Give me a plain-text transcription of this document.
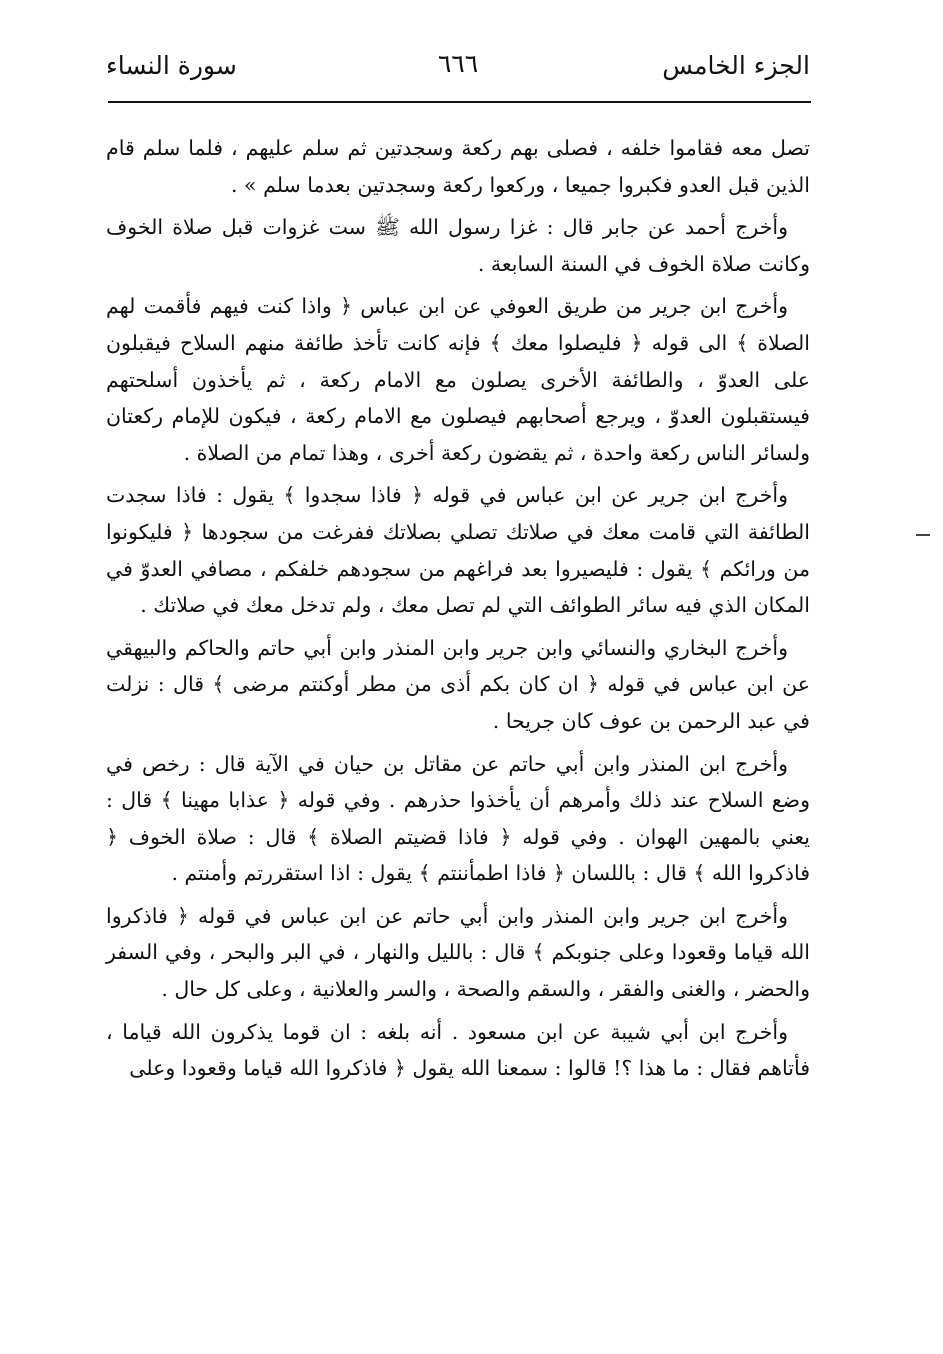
الجزء الخامس
٦٦٦
سورة النساء

تصل معه فقاموا خلفه ، فصلى بهم ركعة وسجدتين ثم سلم عليهم ، فلما سلم قام الذين قبل العدو فكبروا جميعا ، وركعوا ركعة وسجدتين بعدما سلم » .

وأخرج أحمد عن جابر قال : غزا رسول الله ﷺ ست غزوات قبل صلاة الخوف وكانت صلاة الخوف في السنة السابعة .

وأخرج ابن جرير من طريق العوفي عن ابن عباس ﴿ واذا كنت فيهم فأقمت لهم الصلاة ﴾ الى قوله ﴿ فليصلوا معك ﴾ فإنه كانت تأخذ طائفة منهم السلاح فيقبلون على العدوّ ، والطائفة الأخرى يصلون مع الامام ركعة ، ثم يأخذون أسلحتهم فيستقبلون العدوّ ، ويرجع أصحابهم فيصلون مع الامام ركعة ، فيكون للإمام ركعتان ولسائر الناس ركعة واحدة ، ثم يقضون ركعة أخرى ، وهذا تمام من الصلاة .

وأخرج ابن جرير عن ابن عباس في قوله ﴿ فاذا سجدوا ﴾ يقول : فاذا سجدت الطائفة التي قامت معك في صلاتك تصلي بصلاتك ففرغت من سجودها ﴿ فليكونوا من ورائكم ﴾ يقول : فليصيروا بعد فراغهم من سجودهم خلفكم ، مصافي العدوّ في المكان الذي فيه سائر الطوائف التي لم تصل معك ، ولم تدخل معك في صلاتك .

وأخرج البخاري والنسائي وابن جرير وابن المنذر وابن أبي حاتم والحاكم والبيهقي عن ابن عباس في قوله ﴿ ان كان بكم أذى من مطر أوكنتم مرضى ﴾ قال : نزلت في عبد الرحمن بن عوف كان جريحا .

وأخرج ابن المنذر وابن أبي حاتم عن مقاتل بن حيان في الآية قال : رخص في وضع السلاح عند ذلك وأمرهم أن يأخذوا حذرهم . وفي قوله ﴿ عذابا مهينا ﴾ قال : يعني بالمهين الهوان . وفي قوله ﴿ فاذا قضيتم الصلاة ﴾ قال : صلاة الخوف ﴿ فاذكروا الله ﴾ قال : باللسان ﴿ فاذا اطمأننتم ﴾ يقول : اذا استقررتم وأمنتم .

وأخرج ابن جرير وابن المنذر وابن أبي حاتم عن ابن عباس في قوله ﴿ فاذكروا الله قياما وقعودا وعلى جنوبكم ﴾ قال : بالليل والنهار ، في البر والبحر ، وفي السفر والحضر ، والغنى والفقر ، والسقم والصحة ، والسر والعلانية ، وعلى كل حال .

وأخرج ابن أبي شيبة عن ابن مسعود . أنه بلغه : ان قوما يذكرون الله قياما ، فأتاهم فقال : ما هذا ؟! قالوا : سمعنا الله يقول ﴿ فاذكروا الله قياما وقعودا وعلى
